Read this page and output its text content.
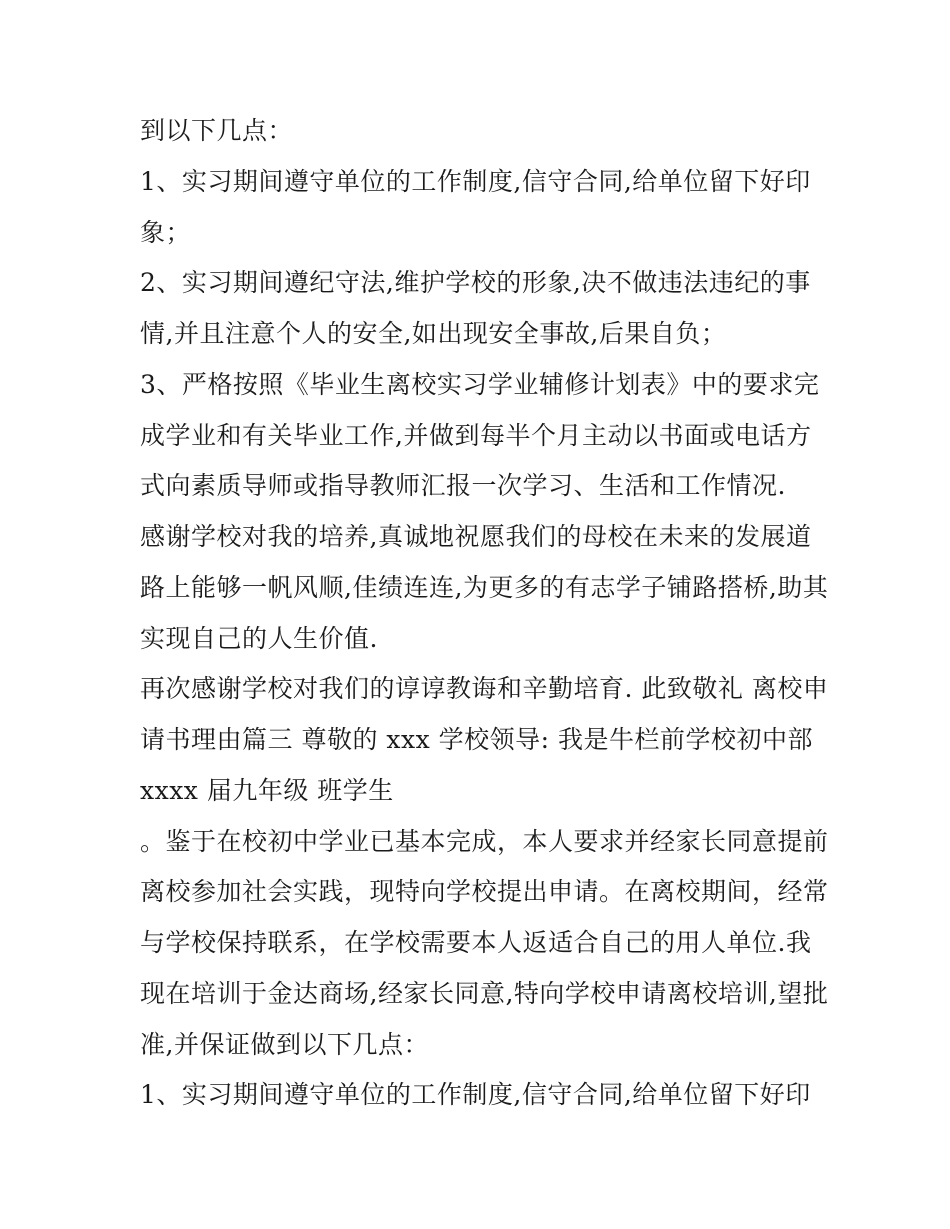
到以下几点：
1、实习期间遵守单位的工作制度,信守合同,给单位留下好印
象；
2、实习期间遵纪守法,维护学校的形象,决不做违法违纪的事
情,并且注意个人的安全,如出现安全事故,后果自负；
3、严格按照《毕业生离校实习学业辅修计划表》中的要求完
成学业和有关毕业工作,并做到每半个月主动以书面或电话方
式向素质导师或指导教师汇报一次学习、生活和工作情况.
感谢学校对我的培养,真诚地祝愿我们的母校在未来的发展道
路上能够一帆风顺,佳绩连连,为更多的有志学子铺路搭桥,助其
实现自己的人生价值.
再次感谢学校对我们的谆谆教诲和辛勤培育. 此致敬礼 离校申
请书理由篇三 尊敬的 xxx 学校领导: 我是牛栏前学校初中部
xxxx 届九年级 班学生
。鉴于在校初中学业已基本完成，本人要求并经家长同意提前
离校参加社会实践，现特向学校提出申请。在离校期间，经常
与学校保持联系，在学校需要本人返适合自己的用人单位.我
现在培训于金达商场,经家长同意,特向学校申请离校培训,望批
准,并保证做到以下几点：
1、实习期间遵守单位的工作制度,信守合同,给单位留下好印
